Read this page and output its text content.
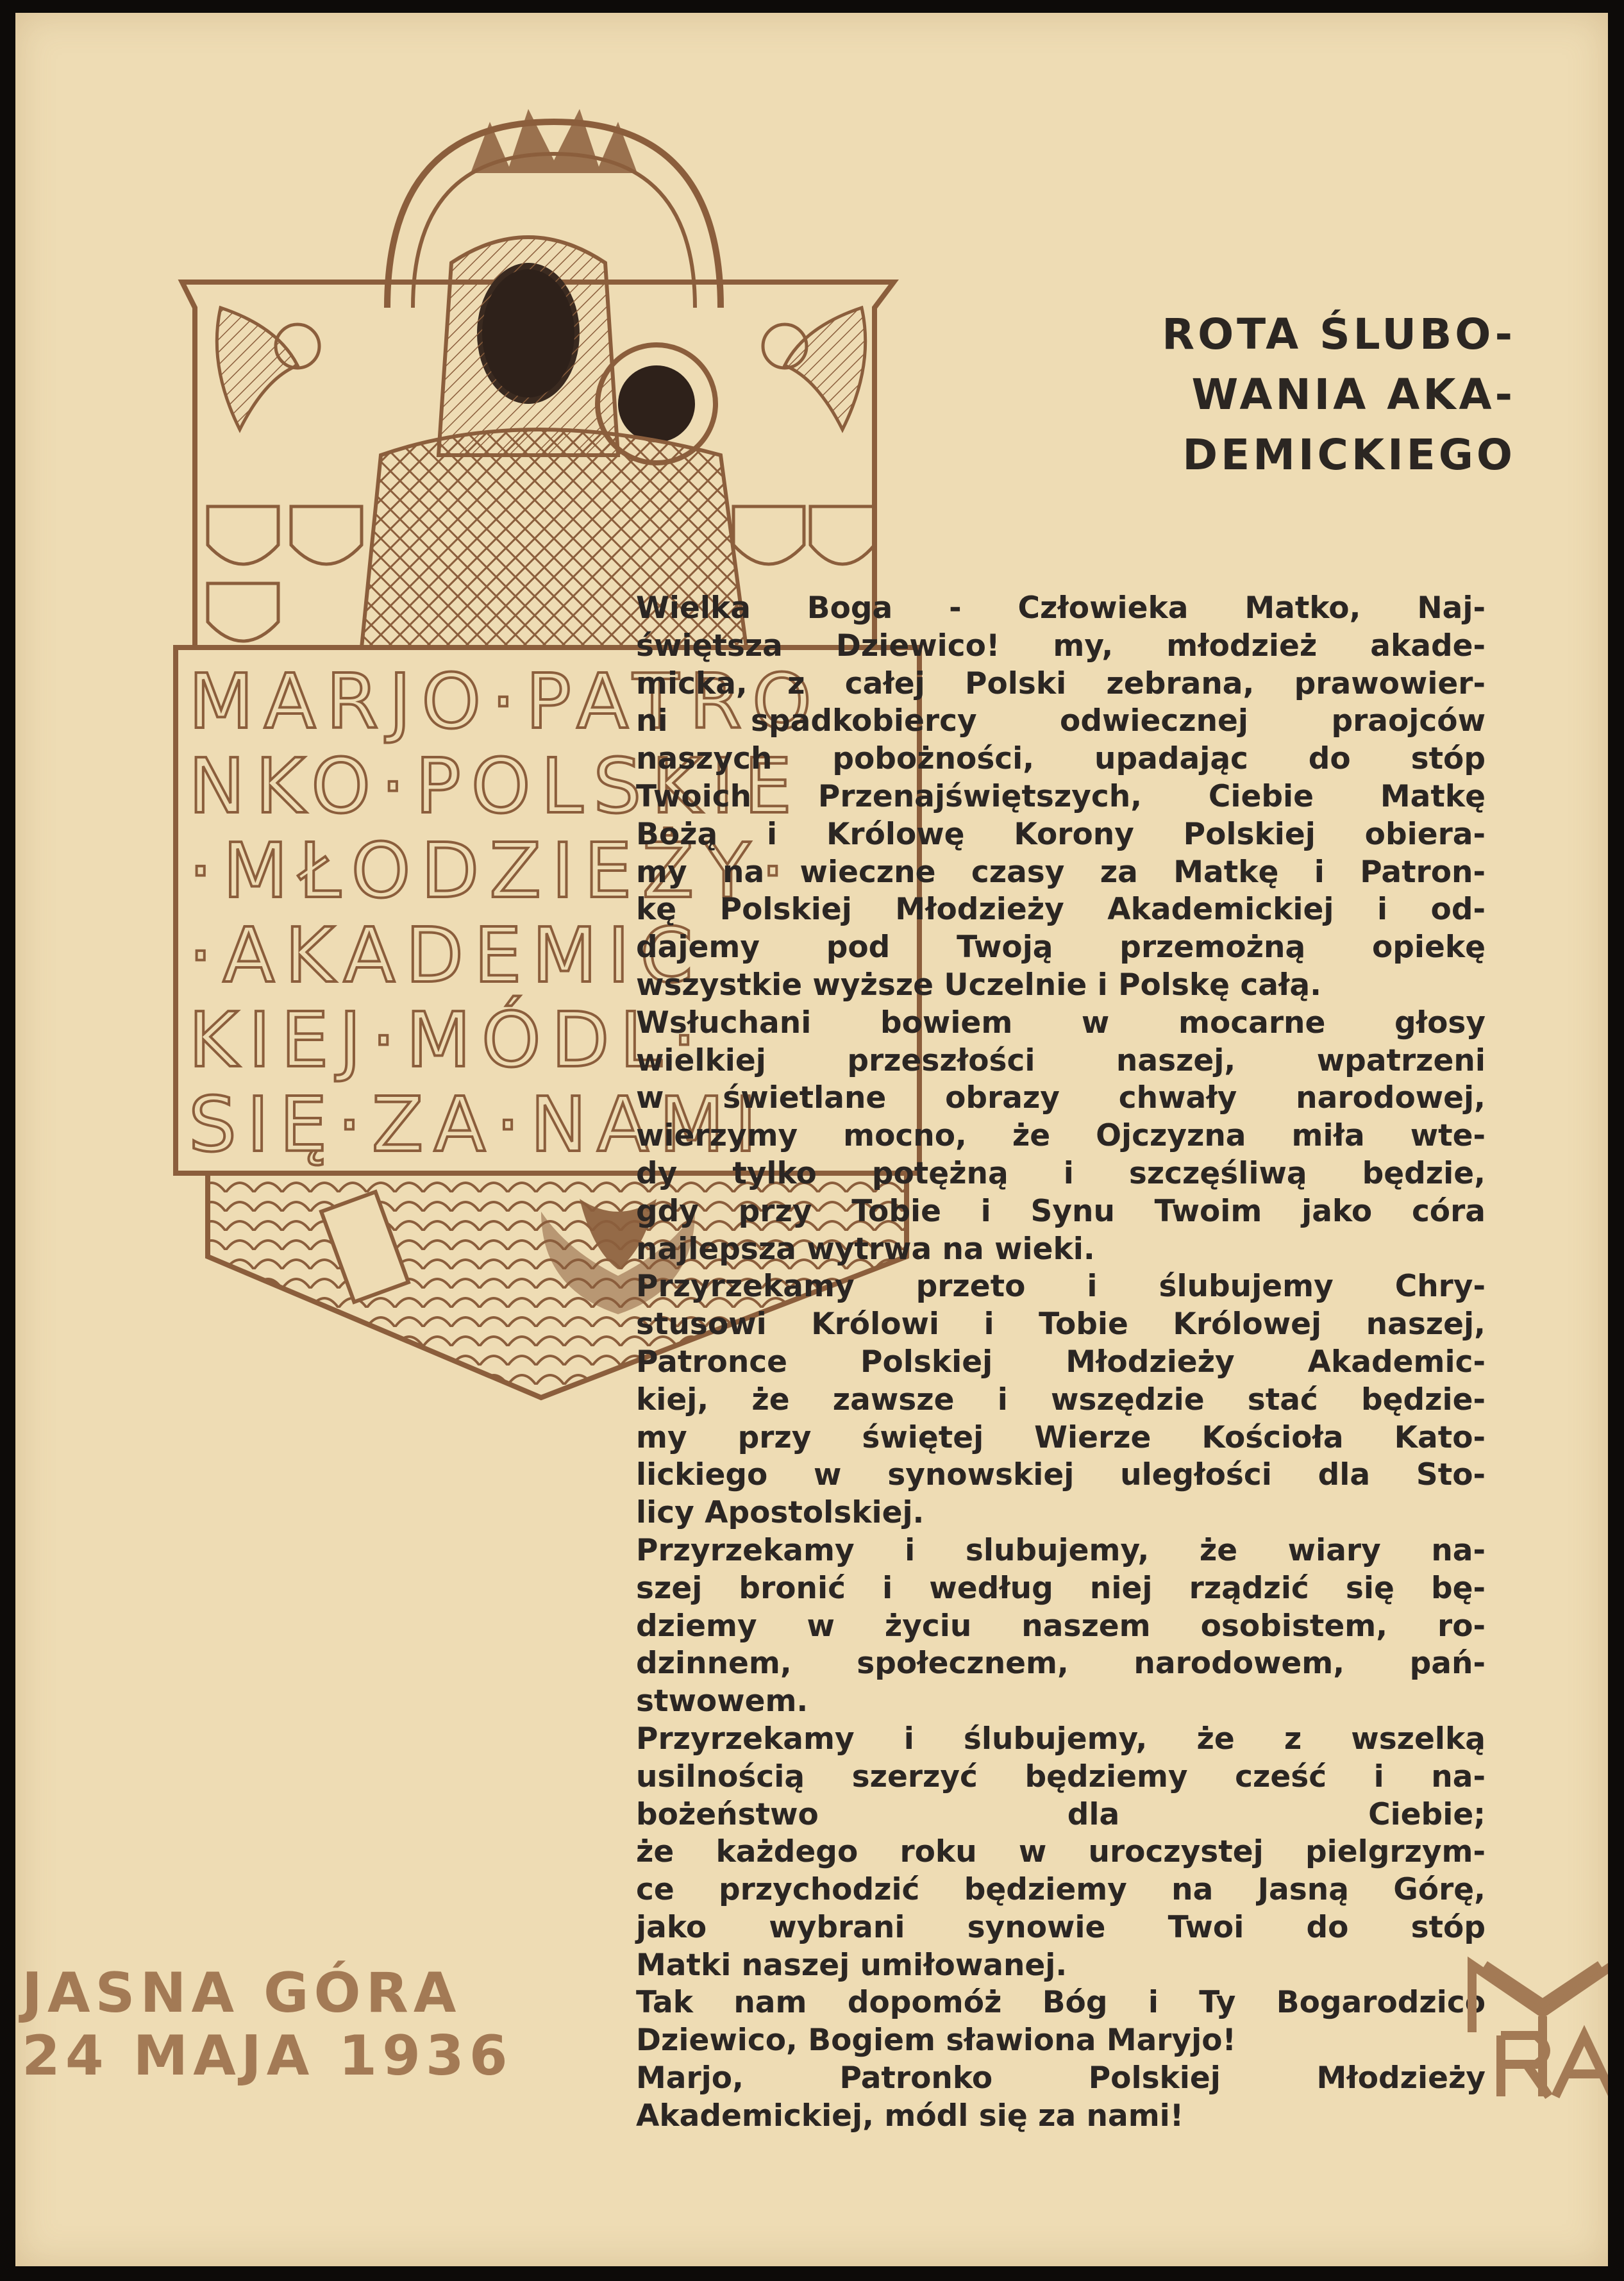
MARJO·PATRO
NKO·POLSKIE
·MŁODZIEŻY·
·AKADEMIC
KIEJ·MÓDL·
SIĘ·ZA·NAMI
ROTA ŚLUBO-
WANIA AKA-
DEMICKIEGO
Wielka Boga - Człowieka Matko, Naj-
świętsza Dziewico! my, młodzież akade-
micka, z całej Polski zebrana, prawowier-
ni spadkobiercy odwiecznej praojców
naszych pobożności, upadając do stóp
Twoich Przenajświętszych, Ciebie Matkę
Bożą i Królowę Korony Polskiej obiera-
my na wieczne czasy za Matkę i Patron-
kę Polskiej Młodzieży Akademickiej i od-
dajemy pod Twoją przemożną opiekę
wszystkie wyższe Uczelnie i Polskę całą.
Wsłuchani bowiem w mocarne głosy
wielkiej przeszłości naszej, wpatrzeni
w świetlane obrazy chwały narodowej,
wierzymy mocno, że Ojczyzna miła wte-
dy tylko potężną i szczęśliwą będzie,
gdy przy Tobie i Synu Twoim jako córa
najlepsza wytrwa na wieki.
Przyrzekamy przeto i ślubujemy Chry-
stusowi Królowi i Tobie Królowej naszej,
Patronce Polskiej Młodzieży Akademic-
kiej, że zawsze i wszędzie stać będzie-
my przy świętej Wierze Kościoła Kato-
lickiego w synowskiej uległości dla Sto-
licy Apostolskiej.
Przyrzekamy i slubujemy, że wiary na-
szej bronić i według niej rządzić się bę-
dziemy w życiu naszem osobistem, ro-
dzinnem, społecznem, narodowem, pań-
stwowem.
Przyrzekamy i ślubujemy, że z wszelką
usilnością szerzyć będziemy cześć i na-
bożeństwo dla Ciebie;
że każdego roku w uroczystej pielgrzym-
ce przychodzić będziemy na Jasną Górę,
jako wybrani synowie Twoi do stóp
Matki naszej umiłowanej.
Tak nam dopomóż Bóg i Ty Bogarodzico
Dziewico, Bogiem sławiona Maryjo!
Marjo, Patronko Polskiej Młodzieży
Akademickiej, módl się za nami!
JASNA GÓRA
24 MAJA 1936
